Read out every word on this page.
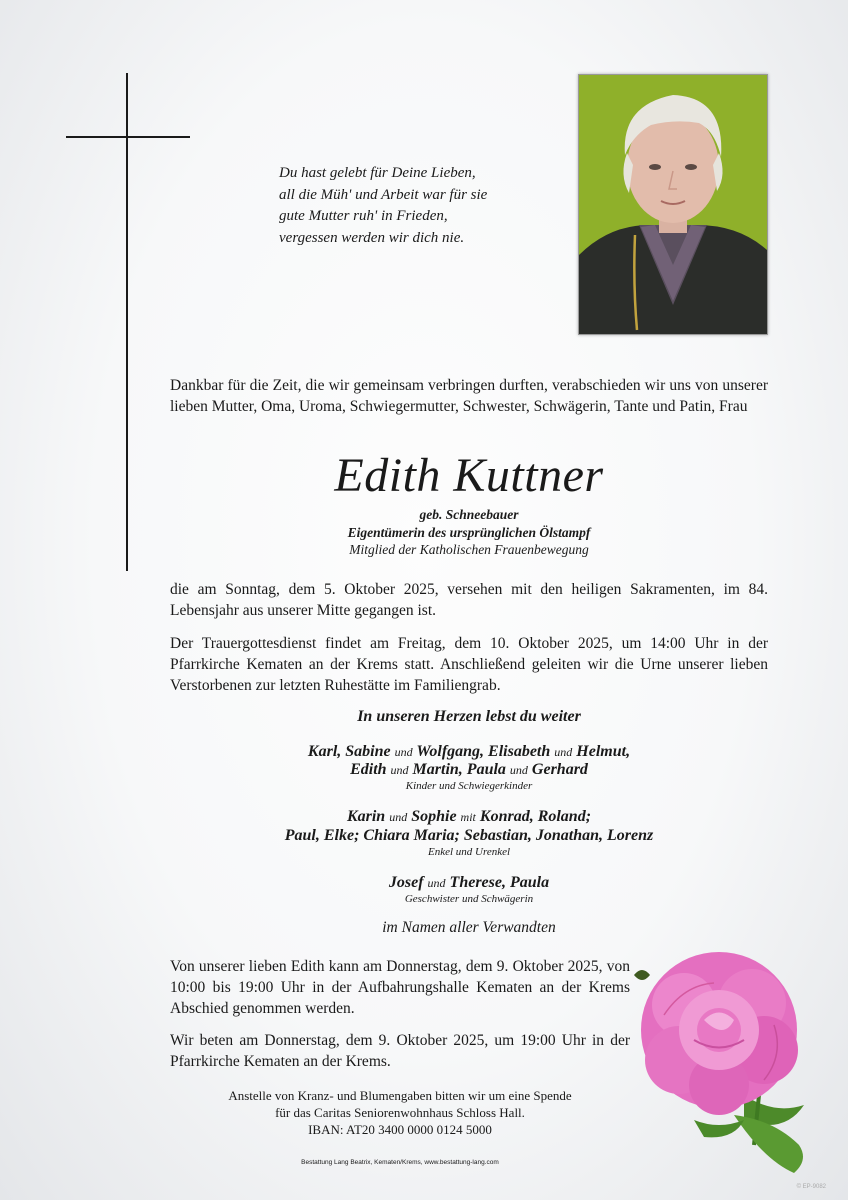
Du hast gelebt für Deine Lieben,
all die Müh' und Arbeit war für sie
gute Mutter ruh' in Frieden,
vergessen werden wir dich nie.
Dankbar für die Zeit, die wir gemeinsam verbringen durften, verabschieden wir uns von unserer lieben Mutter, Oma, Uroma, Schwiegermutter, Schwester, Schwägerin, Tante und Patin, Frau
Edith Kuttner
geb. Schneebauer
Eigentümerin des ursprünglichen Ölstampf
Mitglied der Katholischen Frauenbewegung
die am Sonntag, dem 5. Oktober 2025, versehen mit den heiligen Sakramenten, im 84. Lebensjahr aus unserer Mitte gegangen ist.
Der Trauergottesdienst findet am Freitag, dem 10. Oktober 2025, um 14:00 Uhr in der Pfarrkirche Kematen an der Krems statt. Anschließend geleiten wir die Urne unserer lieben Verstorbenen zur letzten Ruhestätte im Familiengrab.
In unseren Herzen lebst du weiter
Karl, Sabine und Wolfgang, Elisabeth und Helmut,
Edith und Martin, Paula und Gerhard
Kinder und Schwiegerkinder
Karin und Sophie mit Konrad, Roland;
Paul, Elke; Chiara Maria; Sebastian, Jonathan, Lorenz
Enkel und Urenkel
Josef und Therese, Paula
Geschwister und Schwägerin
im Namen aller Verwandten
Von unserer lieben Edith kann am Donnerstag, dem 9. Oktober 2025, von 10:00 bis 19:00 Uhr in der Aufbahrungshalle Kematen an der Krems Abschied genommen werden.
Wir beten am Donnerstag, dem 9. Oktober 2025, um 19:00 Uhr in der Pfarrkirche Kematen an der Krems.
Anstelle von Kranz- und Blumengaben bitten wir um eine Spende
für das Caritas Seniorenwohnhaus Schloss Hall.
IBAN: AT20 3400 0000 0124 5000
Bestattung Lang Beatrix, Kematen/Krems, www.bestattung-lang.com
© EP-9082
